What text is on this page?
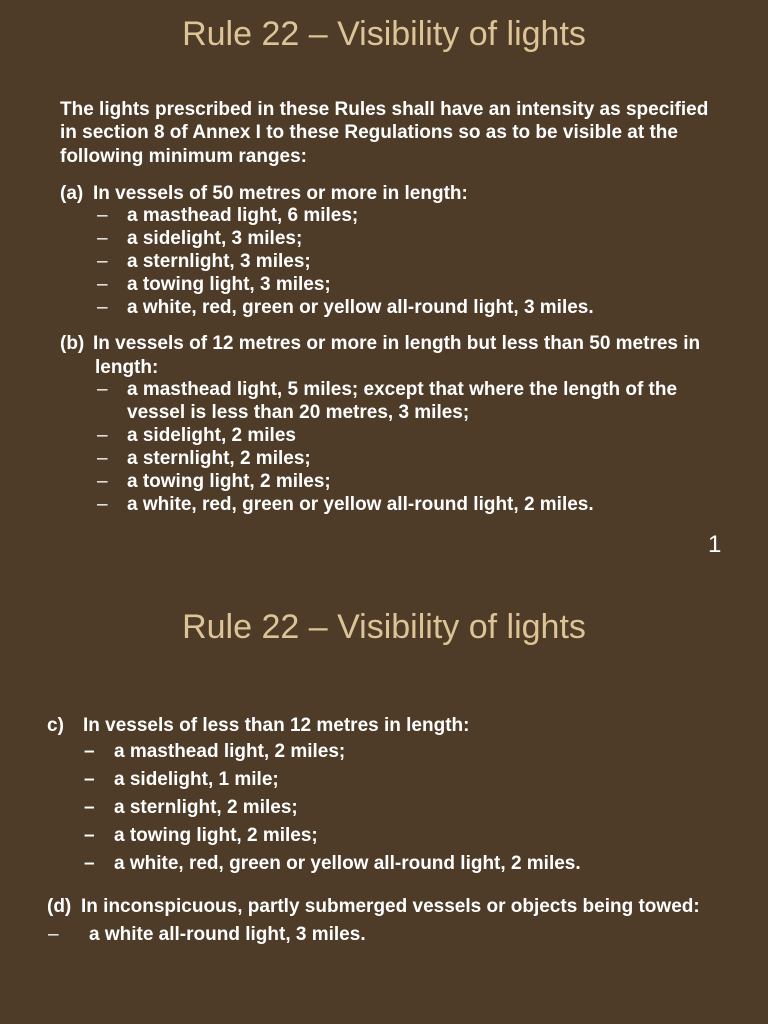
Rule 22 – Visibility of lights
The lights prescribed in these Rules shall have an intensity as specified
in section 8 of Annex I to these Regulations so as to be visible at the
following minimum ranges:
(a) In vessels of 50 metres or more in length:
– a masthead light, 6 miles;
– a sidelight, 3 miles;
– a sternlight, 3 miles;
– a towing light, 3 miles;
– a white, red, green or yellow all-round light, 3 miles.
(b) In vessels of 12 metres or more in length but less than 50 metres in
length:
– a masthead light, 5 miles; except that where the length of the
vessel is less than 20 metres, 3 miles;
– a sidelight, 2 miles
– a sternlight, 2 miles;
– a towing light, 2 miles;
– a white, red, green or yellow all-round light, 2 miles.
1
Rule 22 – Visibility of lights
c) In vessels of less than 12 metres in length:
– a masthead light, 2 miles;
– a sidelight, 1 mile;
– a sternlight, 2 miles;
– a towing light, 2 miles;
– a white, red, green or yellow all-round light, 2 miles.
(d) In inconspicuous, partly submerged vessels or objects being towed:
– a white all-round light, 3 miles.
